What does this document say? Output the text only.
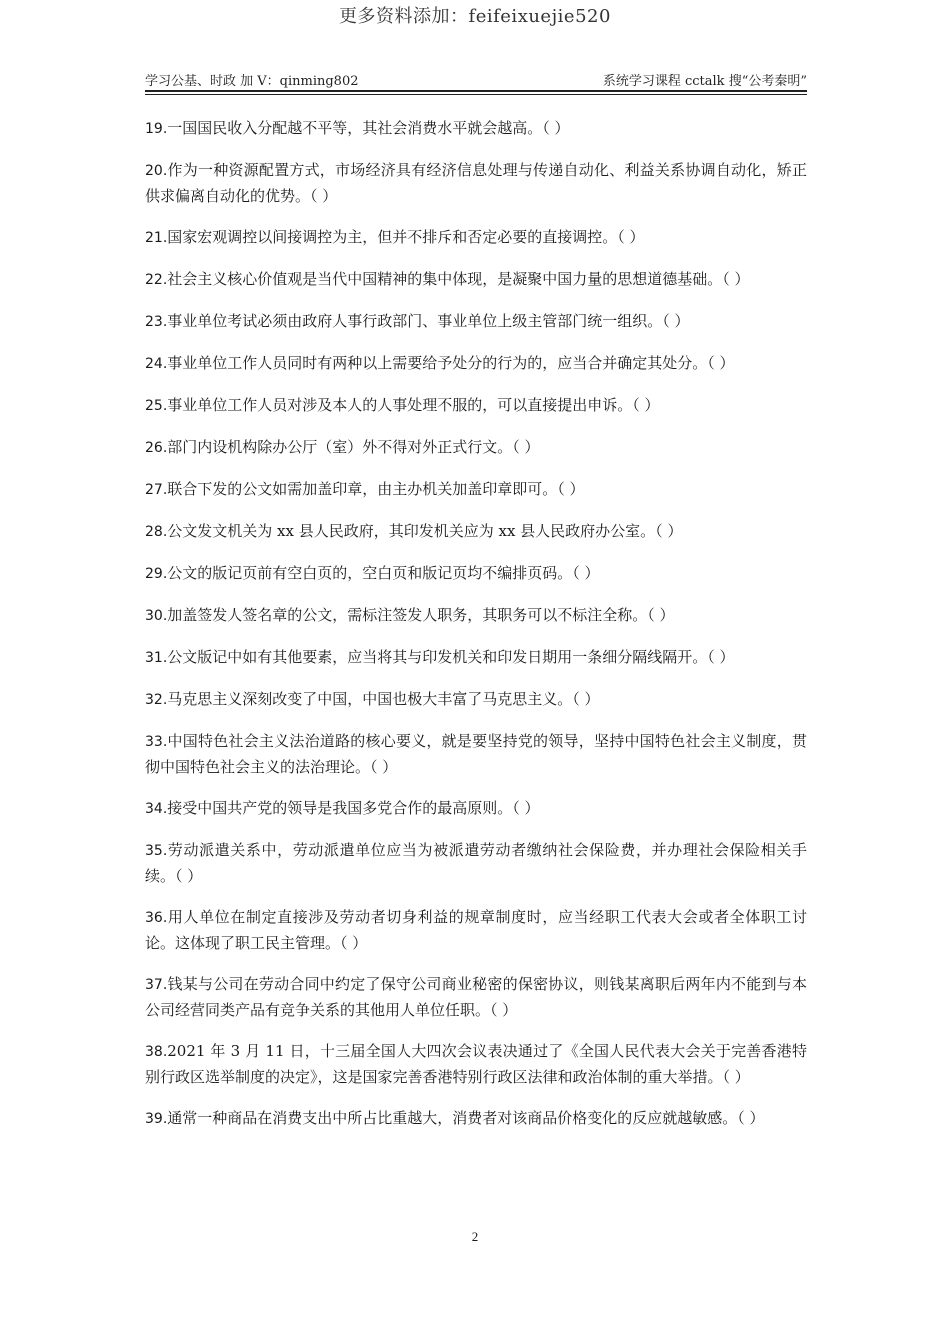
更多资料添加：feifeixuejie520
学习公基、时政 加 V：qinming802	系统学习课程 cctalk 搜“公考秦明”

19.一国国民收入分配越不平等，其社会消费水平就会越高。（ ）

20.作为一种资源配置方式，市场经济具有经济信息处理与传递自动化、利益关系协调自动化，矫正供求偏离自动化的优势。（ ）

21.国家宏观调控以间接调控为主，但并不排斥和否定必要的直接调控。（ ）

22.社会主义核心价值观是当代中国精神的集中体现，是凝聚中国力量的思想道德基础。（ ）

23.事业单位考试必须由政府人事行政部门、事业单位上级主管部门统一组织。（ ）

24.事业单位工作人员同时有两种以上需要给予处分的行为的，应当合并确定其处分。（ ）

25.事业单位工作人员对涉及本人的人事处理不服的，可以直接提出申诉。（ ）

26.部门内设机构除办公厅（室）外不得对外正式行文。（ ）

27.联合下发的公文如需加盖印章，由主办机关加盖印章即可。（ ）

28.公文发文机关为 xx 县人民政府，其印发机关应为 xx 县人民政府办公室。（ ）

29.公文的版记页前有空白页的，空白页和版记页均不编排页码。（ ）

30.加盖签发人签名章的公文，需标注签发人职务，其职务可以不标注全称。（ ）

31.公文版记中如有其他要素，应当将其与印发机关和印发日期用一条细分隔线隔开。（ ）

32.马克思主义深刻改变了中国，中国也极大丰富了马克思主义。（ ）

33.中国特色社会主义法治道路的核心要义，就是要坚持党的领导，坚持中国特色社会主义制度，贯彻中国特色社会主义的法治理论。（ ）

34.接受中国共产党的领导是我国多党合作的最高原则。（ ）

35.劳动派遣关系中，劳动派遣单位应当为被派遣劳动者缴纳社会保险费，并办理社会保险相关手续。（ ）

36.用人单位在制定直接涉及劳动者切身利益的规章制度时，应当经职工代表大会或者全体职工讨论。这体现了职工民主管理。（ ）

37.钱某与公司在劳动合同中约定了保守公司商业秘密的保密协议，则钱某离职后两年内不能到与本公司经营同类产品有竞争关系的其他用人单位任职。（ ）

38.2021 年 3 月 11 日，十三届全国人大四次会议表决通过了《全国人民代表大会关于完善香港特别行政区选举制度的决定》，这是国家完善香港特别行政区法律和政治体制的重大举措。（ ）

39.通常一种商品在消费支出中所占比重越大，消费者对该商品价格变化的反应就越敏感。（ ）

2
